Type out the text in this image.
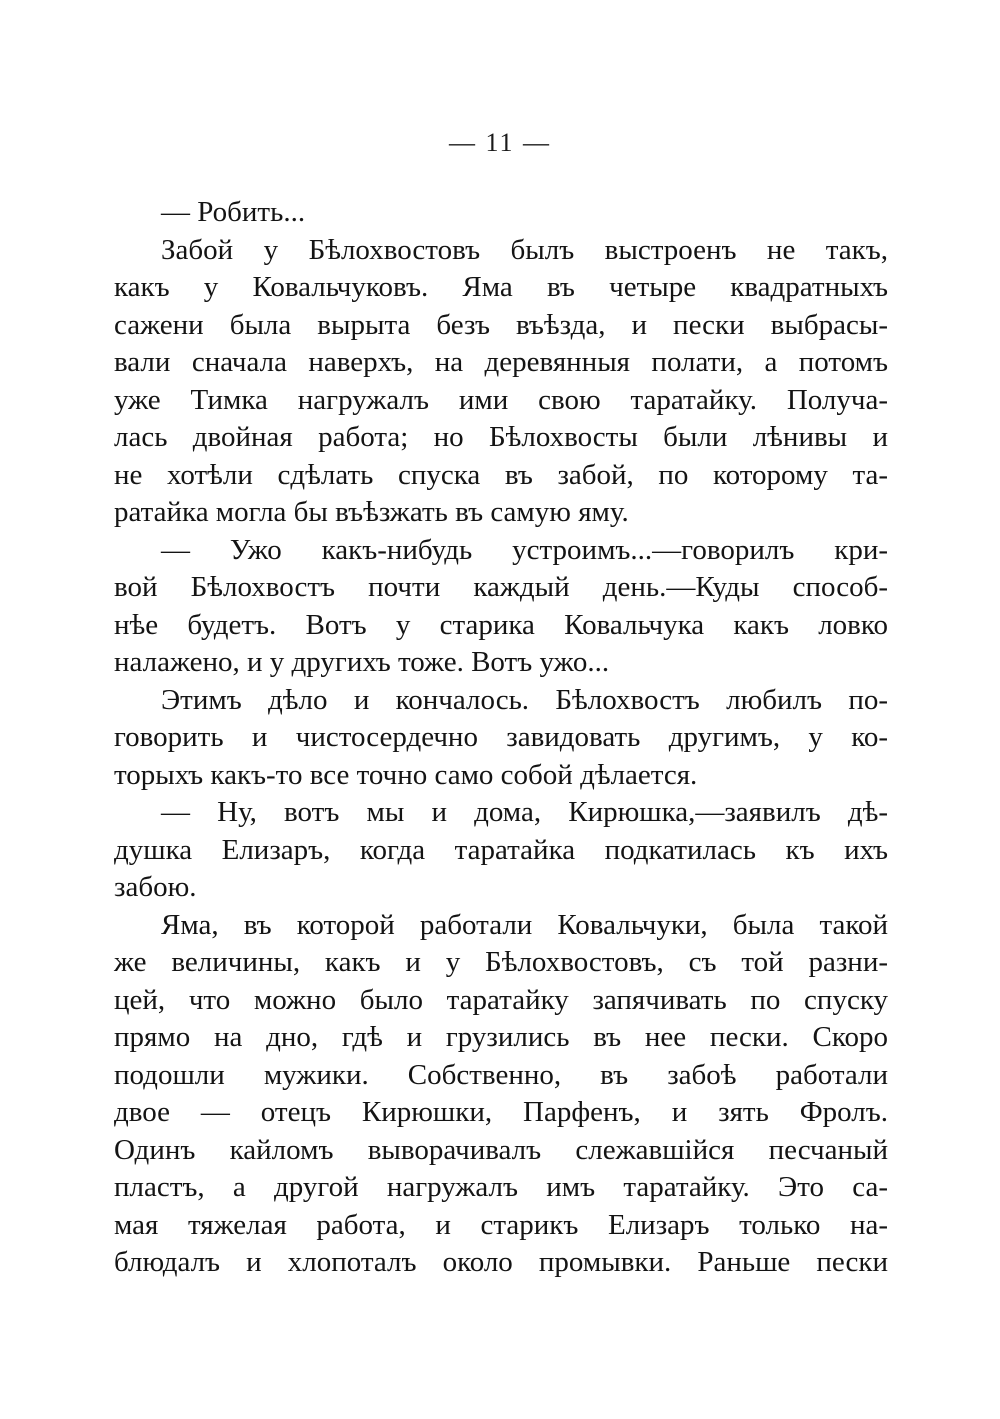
— 11 —
— Робить...
Забой у Бѣлохвостовъ былъ выстроенъ не такъ,
какъ у Ковальчуковъ. Яма въ четыре квадратныхъ
сажени была вырыта безъ въѣзда, и пески выбрасы-
вали сначала наверхъ, на деревянныя полати, а потомъ
уже Тимка нагружалъ ими свою таратайку. Получа-
лась двойная работа; но Бѣлохвосты были лѣнивы и
не хотѣли сдѣлать спуска въ забой, по которому та-
ратайка могла бы въѣзжать въ самую яму.
— Ужо какъ-нибудь устроимъ...—говорилъ кри-
вой Бѣлохвостъ почти каждый день.—Куды способ-
нѣе будетъ. Вотъ у старика Ковальчука какъ ловко
налажено, и у другихъ тоже. Вотъ ужо...
Этимъ дѣло и кончалось. Бѣлохвостъ любилъ по-
говорить и чистосердечно завидовать другимъ, у ко-
торыхъ какъ-то все точно само собой дѣлается.
— Ну, вотъ мы и дома, Кирюшка,—заявилъ дѣ-
душка Елизаръ, когда таратайка подкатилась къ ихъ
забою.
Яма, въ которой работали Ковальчуки, была такой
же величины, какъ и у Бѣлохвостовъ, съ той разни-
цей, что можно было таратайку запячивать по спуску
прямо на дно, гдѣ и грузились въ нее пески. Скоро
подошли мужики. Собственно, въ забоѣ работали
двое — отецъ Кирюшки, Парфенъ, и зять Фролъ.
Одинъ кайломъ выворачивалъ слежавшійся песчаный
пластъ, а другой нагружалъ имъ таратайку. Это са-
мая тяжелая работа, и старикъ Елизаръ только на-
блюдалъ и хлопоталъ около промывки. Раньше пески
